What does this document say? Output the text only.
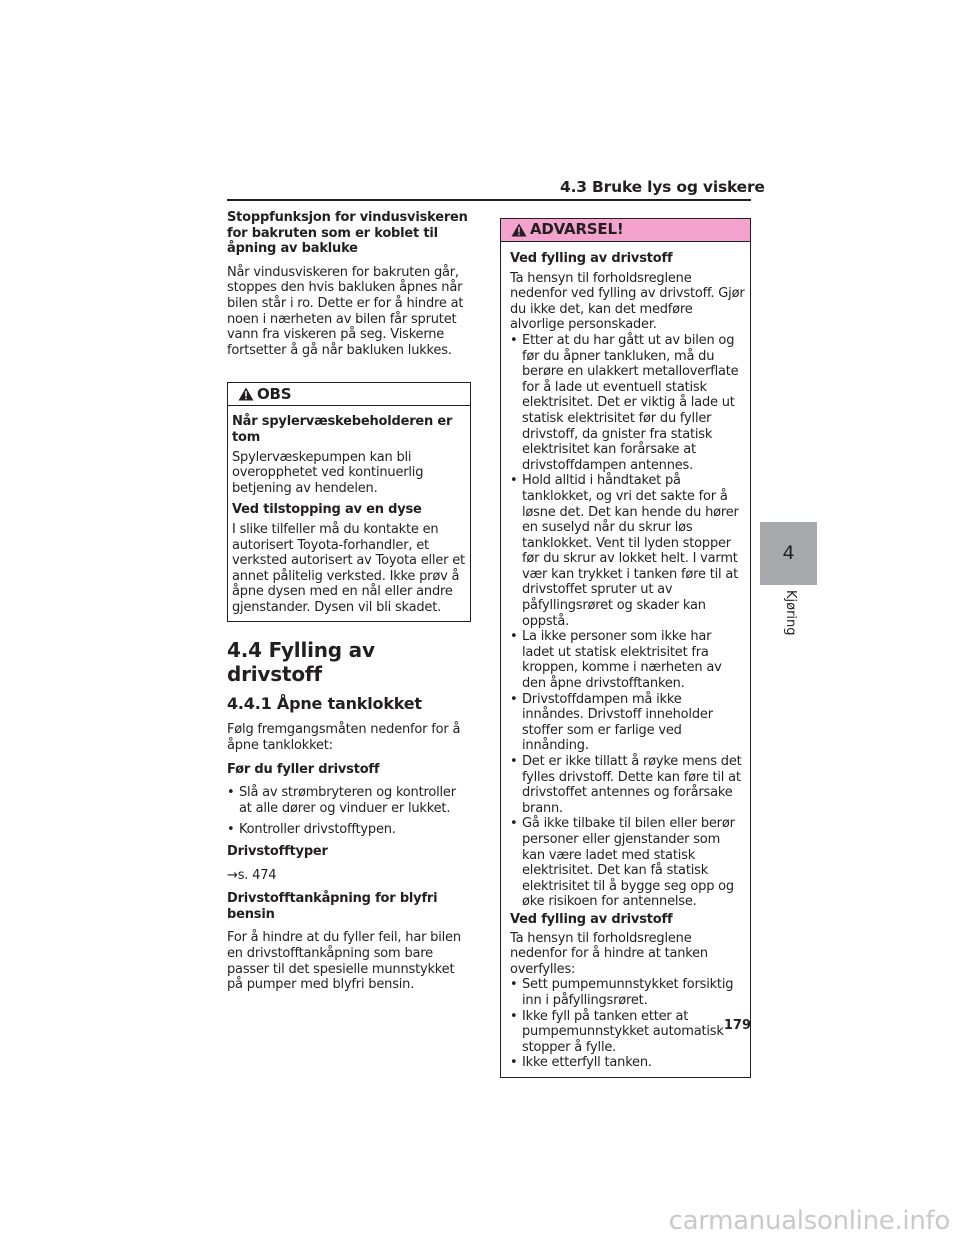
4.3 Bruke lys og viskere

Stoppfunksjon for vindusviskeren for bakruten som er koblet til åpning av bakluke

Når vindusviskeren for bakruten går, stoppes den hvis bakluken åpnes når bilen står i ro. Dette er for å hindre at noen i nærheten av bilen får sprutet vann fra viskeren på seg. Viskerne fortsetter å gå når bakluken lukkes.

OBS

Når spylervæskebeholderen er tom

Spylervæskepumpen kan bli overopphetet ved kontinuerlig betjening av hendelen.

Ved tilstopping av en dyse

I slike tilfeller må du kontakte en autorisert Toyota-forhandler, et verksted autorisert av Toyota eller et annet pålitelig verksted. Ikke prøv å åpne dysen med en nål eller andre gjenstander. Dysen vil bli skadet.

4.4 Fylling av drivstoff

4.4.1 Åpne tanklokket

Følg fremgangsmåten nedenfor for å åpne tanklokket:

Før du fyller drivstoff

• Slå av strømbryteren og kontroller at alle dører og vinduer er lukket.
• Kontroller drivstofftypen.

Drivstofftyper

→s. 474

Drivstofftankåpning for blyfri bensin

For å hindre at du fyller feil, har bilen en drivstofftankåpning som bare passer til det spesielle munnstykket på pumper med blyfri bensin.

ADVARSEL!

Ved fylling av drivstoff

Ta hensyn til forholdsreglene nedenfor ved fylling av drivstoff. Gjør du ikke det, kan det medføre alvorlige personskader.

• Etter at du har gått ut av bilen og før du åpner tankluken, må du berøre en ulakkert metalloverflate for å lade ut eventuell statisk elektrisitet. Det er viktig å lade ut statisk elektrisitet før du fyller drivstoff, da gnister fra statisk elektrisitet kan forårsake at drivstoffdampen antennes.
• Hold alltid i håndtaket på tanklokket, og vri det sakte for å løsne det. Det kan hende du hører en suselyd når du skrur løs tanklokket. Vent til lyden stopper før du skrur av lokket helt. I varmt vær kan trykket i tanken føre til at drivstoffet spruter ut av påfyllingsrøret og skader kan oppstå.
• La ikke personer som ikke har ladet ut statisk elektrisitet fra kroppen, komme i nærheten av den åpne drivstofftanken.
• Drivstoffdampen må ikke innåndes. Drivstoff inneholder stoffer som er farlige ved innånding.
• Det er ikke tillatt å røyke mens det fylles drivstoff. Dette kan føre til at drivstoffet antennes og forårsake brann.
• Gå ikke tilbake til bilen eller berør personer eller gjenstander som kan være ladet med statisk elektrisitet. Det kan få statisk elektrisitet til å bygge seg opp og øke risikoen for antennelse.

Ved fylling av drivstoff

Ta hensyn til forholdsreglene nedenfor for å hindre at tanken overfylles:

• Sett pumpemunnstykket forsiktig inn i påfyllingsrøret.
• Ikke fyll på tanken etter at pumpemunnstykket automatisk stopper å fylle.
• Ikke etterfyll tanken.
4
Kjøring
179
carmanualsonline.info
